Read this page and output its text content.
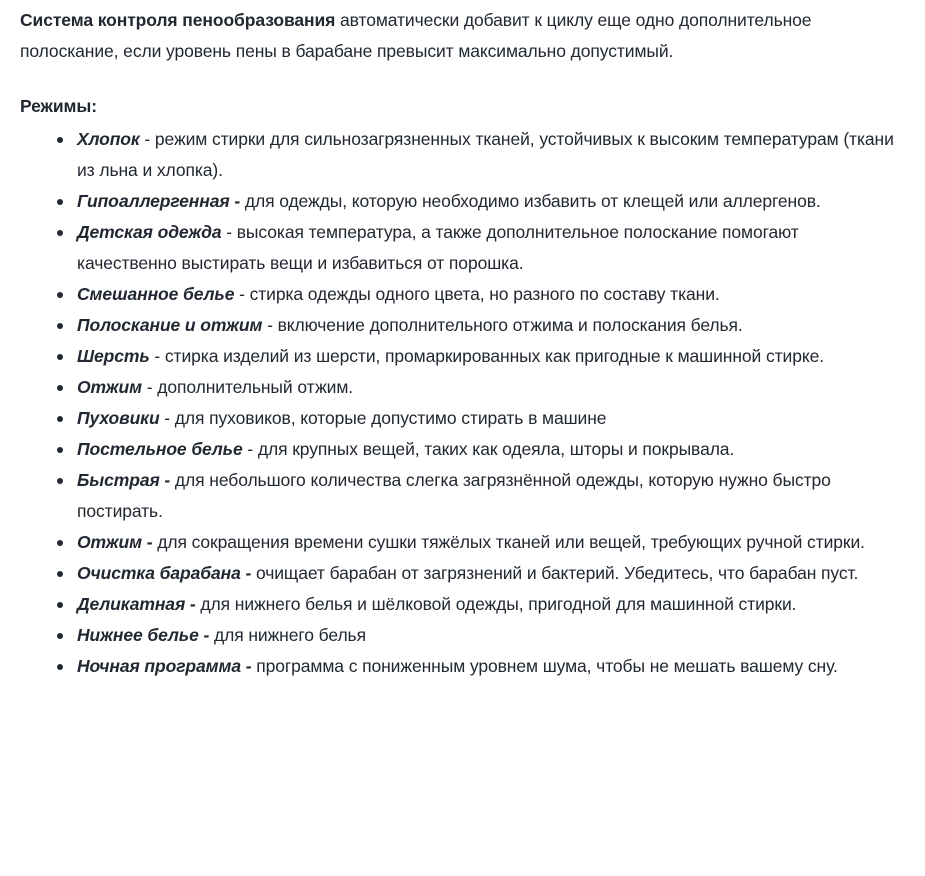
Система контроля пенообразования автоматически добавит к циклу еще одно дополнительное полоскание, если уровень пены в барабане превысит максимально допустимый.

Режимы:

Хлопок - режим стирки для сильнозагрязненных тканей, устойчивых к высоким температурам (ткани из льна и хлопка).
Гипоаллергенная - для одежды, которую необходимо избавить от клещей или аллергенов.
Детская одежда - высокая температура, а также дополнительное полоскание помогают качественно выстирать вещи и избавиться от порошка.
Смешанное белье - стирка одежды одного цвета, но разного по составу ткани.
Полоскание и отжим - включение дополнительного отжима и полоскания белья.
Шерсть - стирка изделий из шерсти, промаркированных как пригодные к машинной стирке.
Отжим - дополнительный отжим.
Пуховики - для пуховиков, которые допустимо стирать в машине
Постельное белье - для крупных вещей, таких как одеяла, шторы и покрывала.
Быстрая - для небольшого количества слегка загрязнённой одежды, которую нужно быстро постирать.
Отжим - для сокращения времени сушки тяжёлых тканей или вещей, требующих ручной стирки.
Очистка барабана - очищает барабан от загрязнений и бактерий. Убедитесь, что барабан пуст.
Деликатная - для нижнего белья и шёлковой одежды, пригодной для машинной стирки.
Нижнее белье - для нижнего белья
Ночная программа - программа с пониженным уровнем шума, чтобы не мешать вашему сну.
